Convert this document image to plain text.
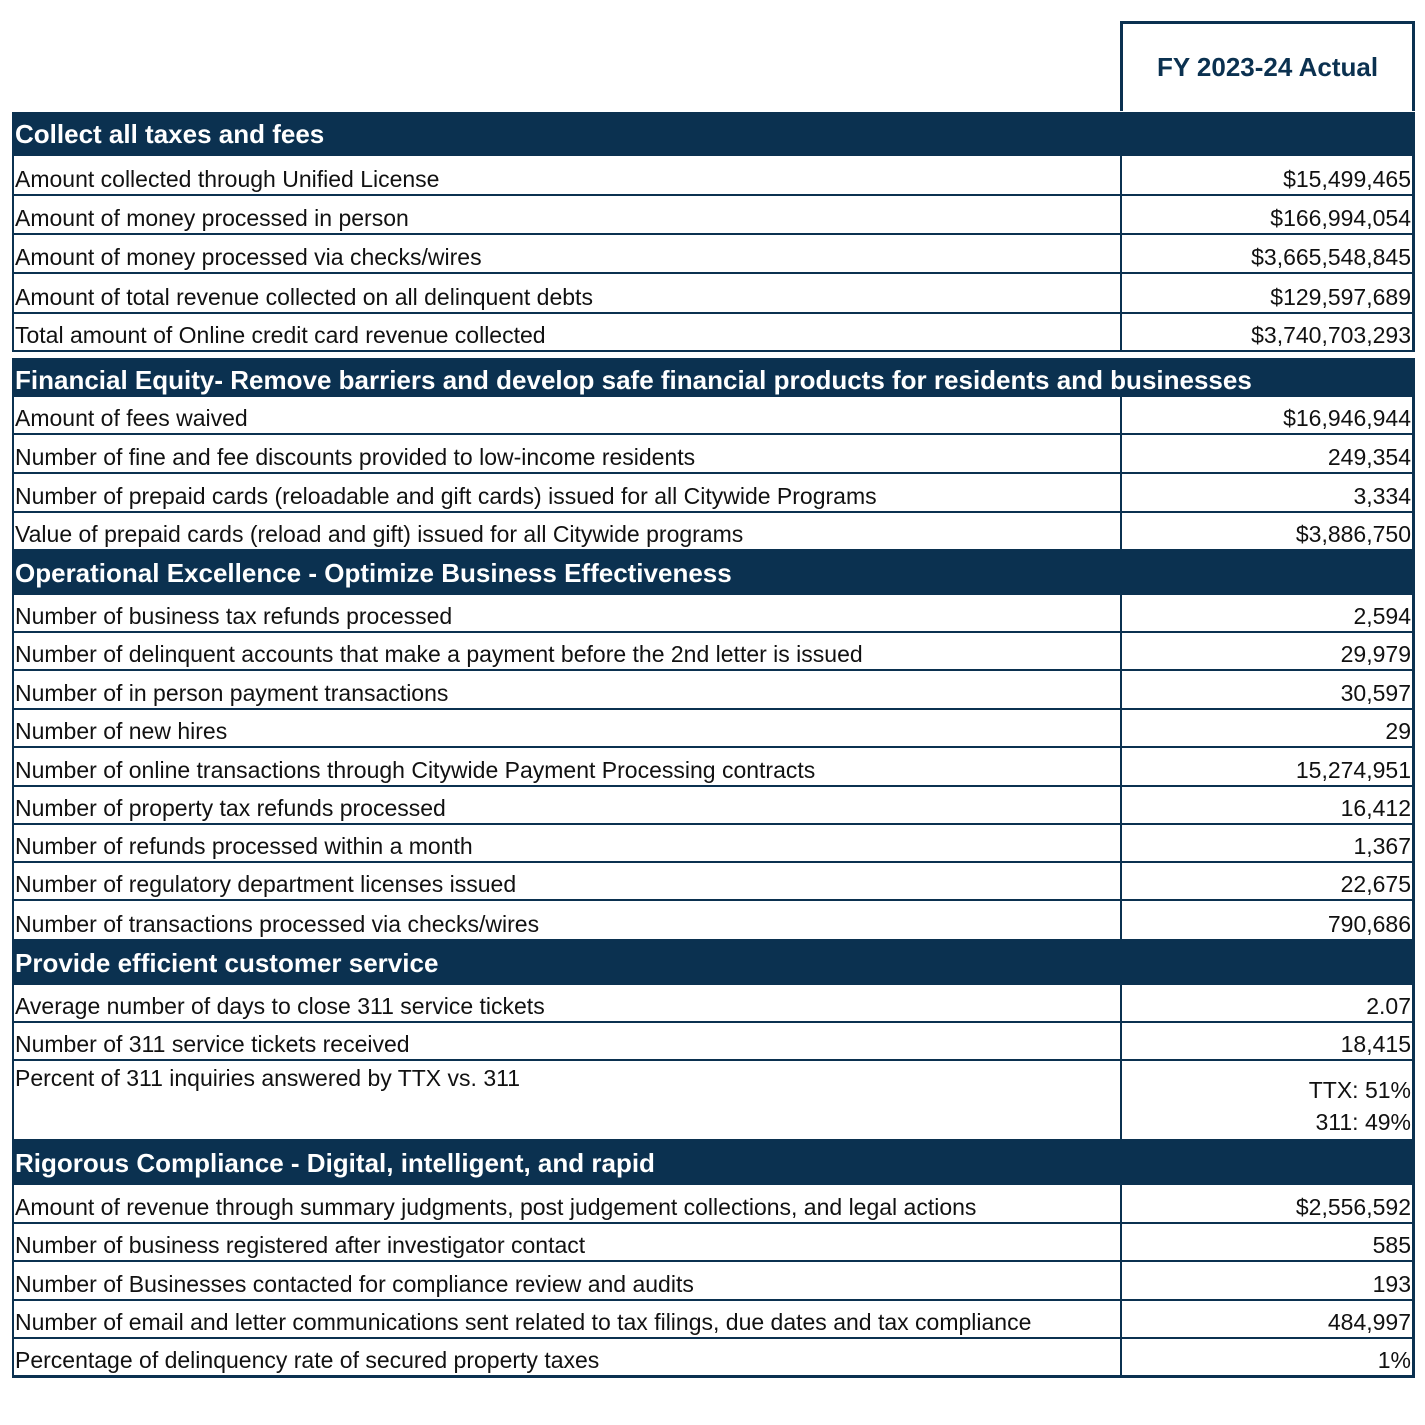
FY 2023-24 Actual
Collect all taxes and fees
Amount collected through Unified License	$15,499,465
Amount of money processed in person	$166,994,054
Amount of money processed via checks/wires	$3,665,548,845
Amount of total revenue collected on all delinquent debts	$129,597,689
Total amount of Online credit card revenue collected	$3,740,703,293
Financial Equity- Remove barriers and develop safe financial products for residents and businesses
Amount of fees waived	$16,946,944
Number of fine and fee discounts provided to low-income residents	249,354
Number of prepaid cards (reloadable and gift cards) issued for all Citywide Programs	3,334
Value of prepaid cards (reload and gift) issued for all Citywide programs	$3,886,750
Operational Excellence - Optimize Business Effectiveness
Number of business tax refunds processed	2,594
Number of delinquent accounts that make a payment before the 2nd letter is issued	29,979
Number of in person payment transactions	30,597
Number of new hires	29
Number of online transactions through Citywide Payment Processing contracts	15,274,951
Number of property tax refunds processed	16,412
Number of refunds processed within a month	1,367
Number of regulatory department licenses issued	22,675
Number of transactions processed via checks/wires	790,686
Provide efficient customer service
Average number of days to close 311 service tickets	2.07
Number of 311 service tickets received	18,415
Percent of 311 inquiries answered by TTX vs. 311	TTX: 51%
311: 49%
Rigorous Compliance - Digital, intelligent, and rapid
Amount of revenue through summary judgments, post judgement collections, and legal actions	$2,556,592
Number of business registered after investigator contact	585
Number of Businesses contacted for compliance review and audits	193
Number of email and letter communications sent related to tax filings, due dates and tax compliance	484,997
Percentage of delinquency rate of secured property taxes	1%
